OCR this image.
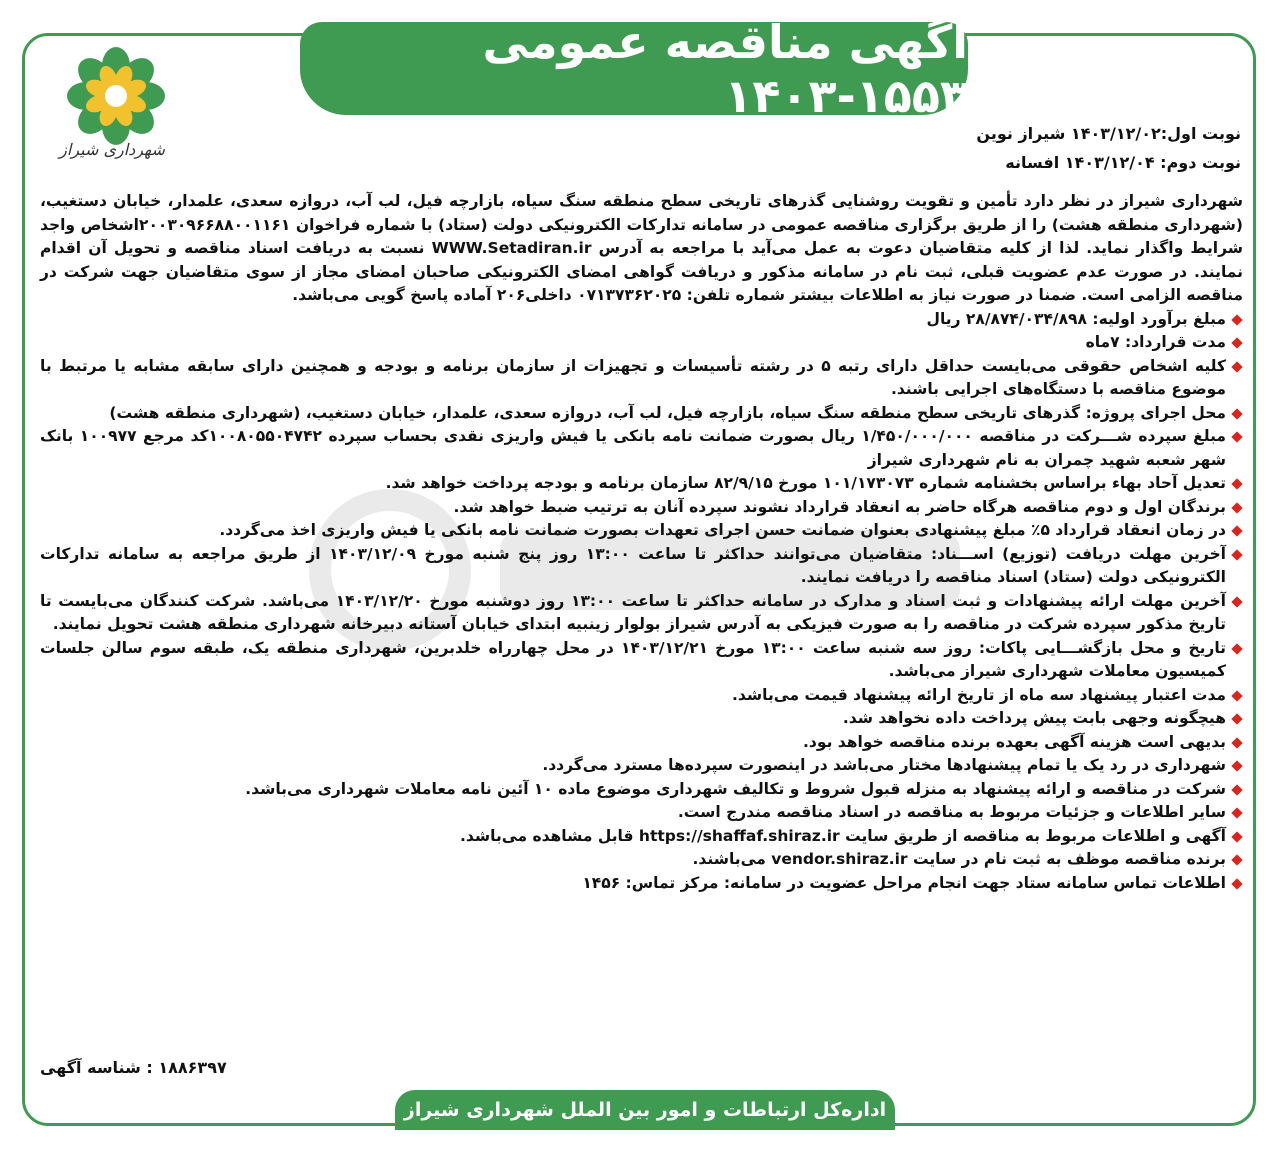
آگهی مناقصه عمومی ۱۵۵۳-۱۴۰۳
شهرداری شیراز
نوبت اول:۱۴۰۳/۱۲/۰۲ شیراز نوین
نوبت دوم: ۱۴۰۳/۱۲/۰۴ افسانه

شهرداری شیراز در نظر دارد تأمین و تقویت روشنایی گذرهای تاریخی سطح منطقه سنگ سیاه، بازارچه فیل، لب آب، دروازه سعدی، علمدار، خیابان دستغیب، (شهرداری منطقه هشت) را از طریق برگزاری مناقصه عمومی در سامانه تدارکات الکترونیکی دولت (ستاد) با شماره فراخوان ۲۰۰۳۰۹۶۶۸۸۰۰۱۱۶۱اشخاص واجد شرایط واگذار نماید. لذا از کلیه متقاضیان دعوت به عمل می‌آید با مراجعه به آدرس WWW.Setadiran.ir نسبت به دریافت اسناد مناقصه و تحویل آن اقدام نمایند. در صورت عدم عضویت قبلی، ثبت نام در سامانه مذکور و دریافت گواهی امضای الکترونیکی صاحبان امضای مجاز از سوی متقاضیان جهت شرکت در مناقصه الزامی است. ضمنا در صورت نیاز به اطلاعات بیشتر شماره تلفن: ۰۷۱۳۷۳۶۲۰۲۵ داخلی۲۰۶ آماده پاسخ گویی می‌باشد.

مبلغ برآورد اولیه: ۲۸/۸۷۴/۰۳۴/۸۹۸ ریال
مدت قرارداد: ۷ماه
کلیه اشخاص حقوقی می‌بایست حداقل دارای رتبه ۵ در رشته تأسیسات و تجهیزات از سازمان برنامه و بودجه و همچنین دارای سابقه مشابه یا مرتبط با موضوع مناقصه با دستگاه‌های اجرایی باشند.
محل اجرای پروژه: گذرهای تاریخی سطح منطقه سنگ سیاه، بازارچه فیل، لب آب، دروازه سعدی، علمدار، خیابان دستغیب، (شهرداری منطقه هشت)
مبلغ سپرده شـــرکت در مناقصه ۱/۴۵۰/۰۰۰/۰۰۰ ریال بصورت ضمانت نامه بانکی یا فیش واریزی نقدی بحساب سپرده ۱۰۰۸۰۵۵۰۴۷۴۲کد مرجع ۱۰۰۹۷۷ بانک شهر شعبه شهید چمران به نام شهرداری شیراز
تعدیل آحاد بهاء براساس بخشنامه شماره ۱۰۱/۱۷۳۰۷۳ مورخ ۸۲/۹/۱۵ سازمان برنامه و بودجه پرداخت خواهد شد.
برندگان اول و دوم مناقصه هرگاه حاضر به انعقاد قرارداد نشوند سپرده آنان به ترتیب ضبط خواهد شد.
در زمان انعقاد قرارداد ۵٪ مبلغ پیشنهادی بعنوان ضمانت حسن اجرای تعهدات بصورت ضمانت نامه بانکی یا فیش واریزی اخذ می‌گردد.
آخرین مهلت دریافت (توزیع) اســـناد: متقاضیان می‌توانند حداکثر تا ساعت ۱۳:۰۰ روز پنج شنبه مورخ ۱۴۰۳/۱۲/۰۹ از طریق مراجعه به سامانه تدارکات الکترونیکی دولت (ستاد) اسناد مناقصه را دریافت نمایند.
آخرین مهلت ارائه پیشنهادات و ثبت اسناد و مدارک در سامانه حداکثر تا ساعت ۱۳:۰۰ روز دوشنبه مورخ ۱۴۰۳/۱۲/۲۰ می‌باشد. شرکت کنندگان می‌بایست تا تاریخ مذکور سپرده شرکت در مناقصه را به صورت فیزیکی به آدرس شیراز بولوار زینبیه ابتدای خیابان آستانه دبیرخانه شهرداری منطقه هشت تحویل نمایند.
تاریخ و محل بازگشـــایی پاکات: روز سه شنبه ساعت ۱۳:۰۰ مورخ ۱۴۰۳/۱۲/۲۱ در محل چهارراه خلدبرین، شهرداری منطقه یک، طبقه سوم سالن جلسات کمیسیون معاملات شهرداری شیراز می‌باشد.
مدت اعتبار پیشنهاد سه ماه از تاریخ ارائه پیشنهاد قیمت می‌باشد.
هیچگونه وجهی بابت پیش پرداخت داده نخواهد شد.
بدیهی است هزینه آگهی بعهده برنده مناقصه خواهد بود.
شهرداری در رد یک یا تمام پیشنهادها مختار می‌باشد در اینصورت سپرده‌ها مسترد می‌گردد.
شرکت در مناقصه و ارائه پیشنهاد به منزله قبول شروط و تکالیف شهرداری موضوع ماده ۱۰ آئین نامه معاملات شهرداری می‌باشد.
سایر اطلاعات و جزئیات مربوط به مناقصه در اسناد مناقصه مندرج است.
آگهی و اطلاعات مربوط به مناقصه از طریق سایت https://shaffaf.shiraz.ir قابل مشاهده می‌باشد.
برنده مناقصه موظف به ثبت نام در سایت vendor.shiraz.ir می‌باشند.
اطلاعات تماس سامانه ستاد جهت انجام مراحل عضویت در سامانه: مرکز تماس: ۱۴۵۶
۱۸۸۶۳۹۷ : شناسه آگهی
اداره‌کل ارتباطات و امور بین الملل شهرداری شیراز
